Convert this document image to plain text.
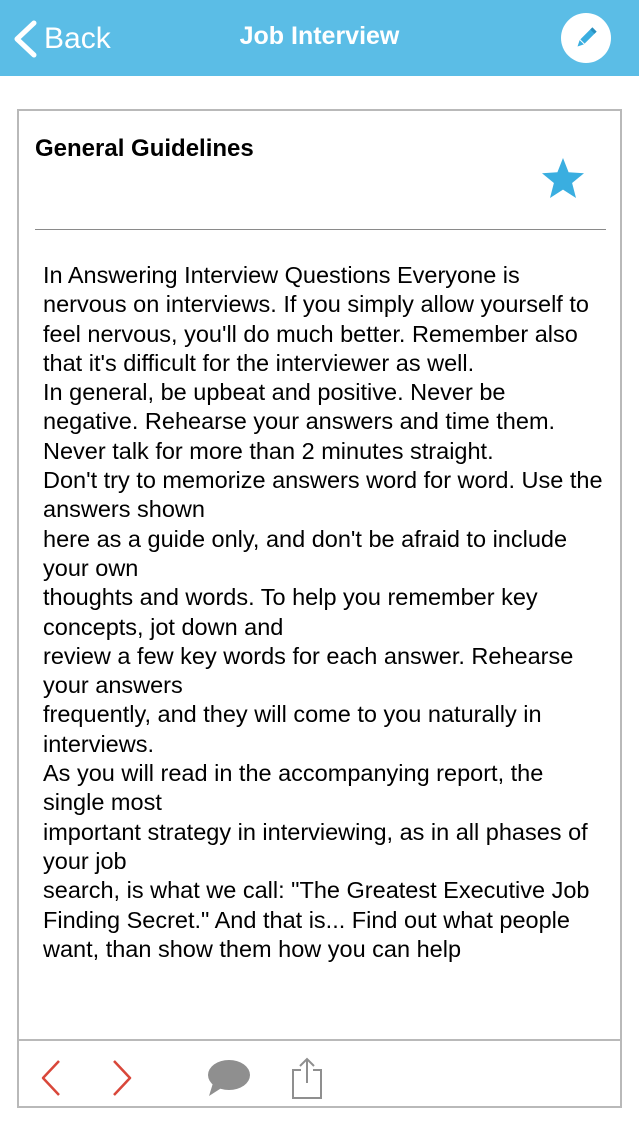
Back	Job Interview
General Guidelines
In Answering Interview Questions Everyone is nervous on interviews. If you simply allow yourself to feel nervous, you'll do much better. Remember also that it's difficult for the interviewer as well.
In general, be upbeat and positive. Never be negative. Rehearse your answers and time them. Never talk for more than 2 minutes straight.
Don't try to memorize answers word for word. Use the answers shown
here as a guide only, and don't be afraid to include your own
thoughts and words. To help you remember key concepts, jot down and
review a few key words for each answer. Rehearse your answers
frequently, and they will come to you naturally in interviews.
As you will read in the accompanying report, the single most
important strategy in interviewing, as in all phases of your job
search, is what we call: "The Greatest Executive Job Finding Secret." And that is... Find out what people want, than show them how you can help
